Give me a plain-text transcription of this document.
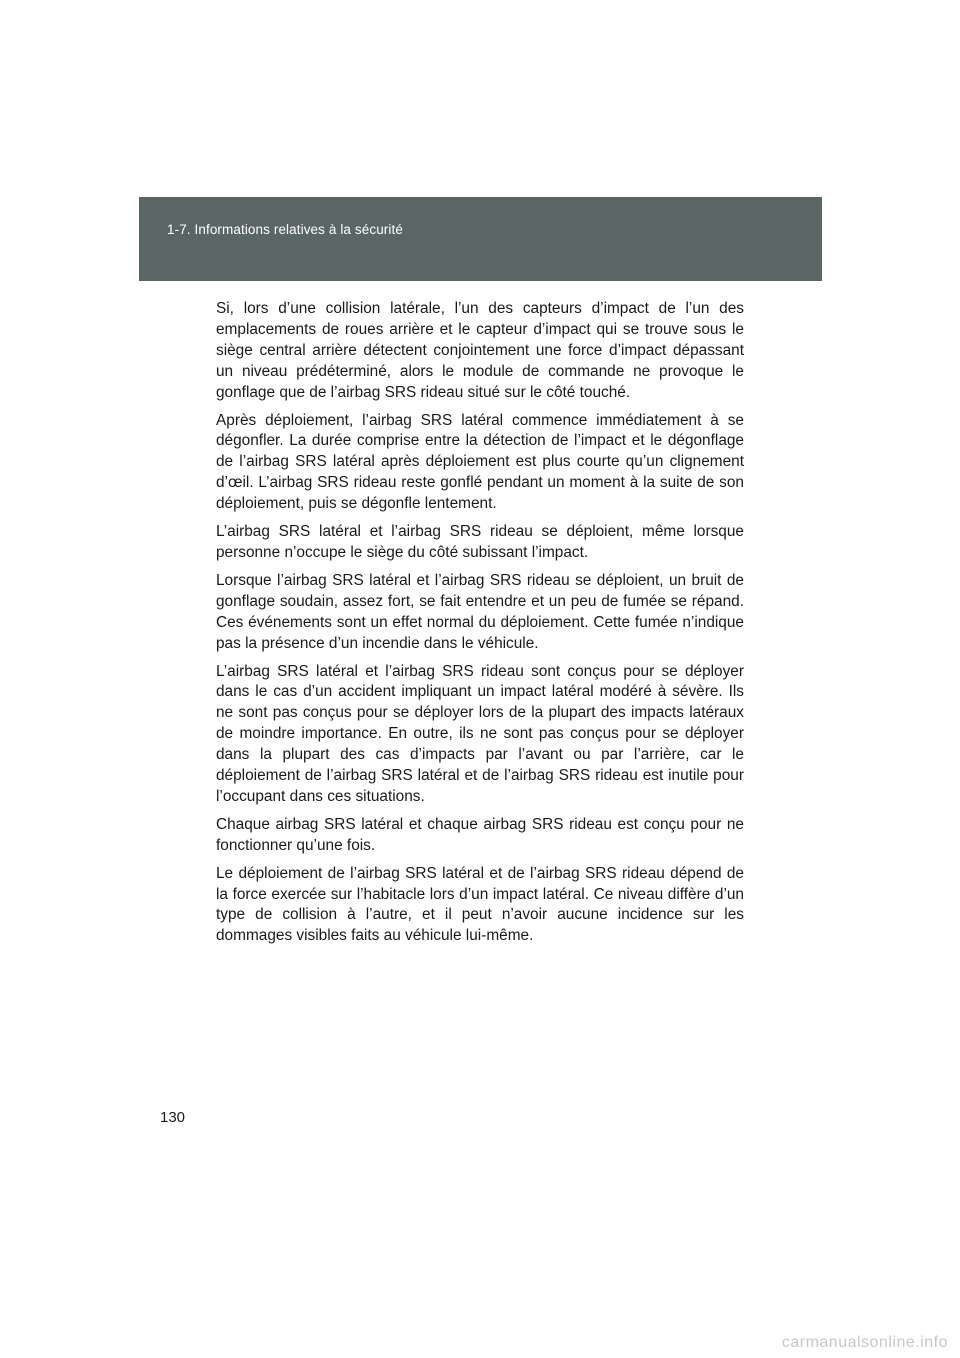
1-7. Informations relatives à la sécurité

Si, lors d’une collision latérale, l’un des capteurs d’impact de l’un des emplacements de roues arrière et le capteur d’impact qui se trouve sous le siège central arrière détectent conjointement une force d’impact dépassant un niveau prédéterminé, alors le module de commande ne provoque le gonflage que de l’airbag SRS rideau situé sur le côté touché.

Après déploiement, l’airbag SRS latéral commence immédiatement à se dégonfler. La durée comprise entre la détection de l’impact et le dégonflage de l’airbag SRS latéral après déploiement est plus courte qu’un clignement d’œil. L’airbag SRS rideau reste gonflé pendant un moment à la suite de son déploiement, puis se dégonfle lentement.

L’airbag SRS latéral et l’airbag SRS rideau se déploient, même lorsque personne n’occupe le siège du côté subissant l’impact.

Lorsque l’airbag SRS latéral et l’airbag SRS rideau se déploient, un bruit de gonflage soudain, assez fort, se fait entendre et un peu de fumée se répand. Ces événements sont un effet normal du déploiement. Cette fumée n’indique pas la présence d’un incendie dans le véhicule.

L’airbag SRS latéral et l’airbag SRS rideau sont conçus pour se déployer dans le cas d’un accident impliquant un impact latéral modéré à sévère. Ils ne sont pas conçus pour se déployer lors de la plupart des impacts latéraux de moindre importance. En outre, ils ne sont pas conçus pour se déployer dans la plupart des cas d’impacts par l’avant ou par l’arrière, car le déploiement de l’airbag SRS latéral et de l’airbag SRS rideau est inutile pour l’occupant dans ces situations.

Chaque airbag SRS latéral et chaque airbag SRS rideau est conçu pour ne fonctionner qu’une fois.

Le déploiement de l’airbag SRS latéral et de l’airbag SRS rideau dépend de la force exercée sur l’habitacle lors d’un impact latéral. Ce niveau diffère d’un type de collision à l’autre, et il peut n’avoir aucune incidence sur les dommages visibles faits au véhicule lui-même.

130
carmanualsonline.info
